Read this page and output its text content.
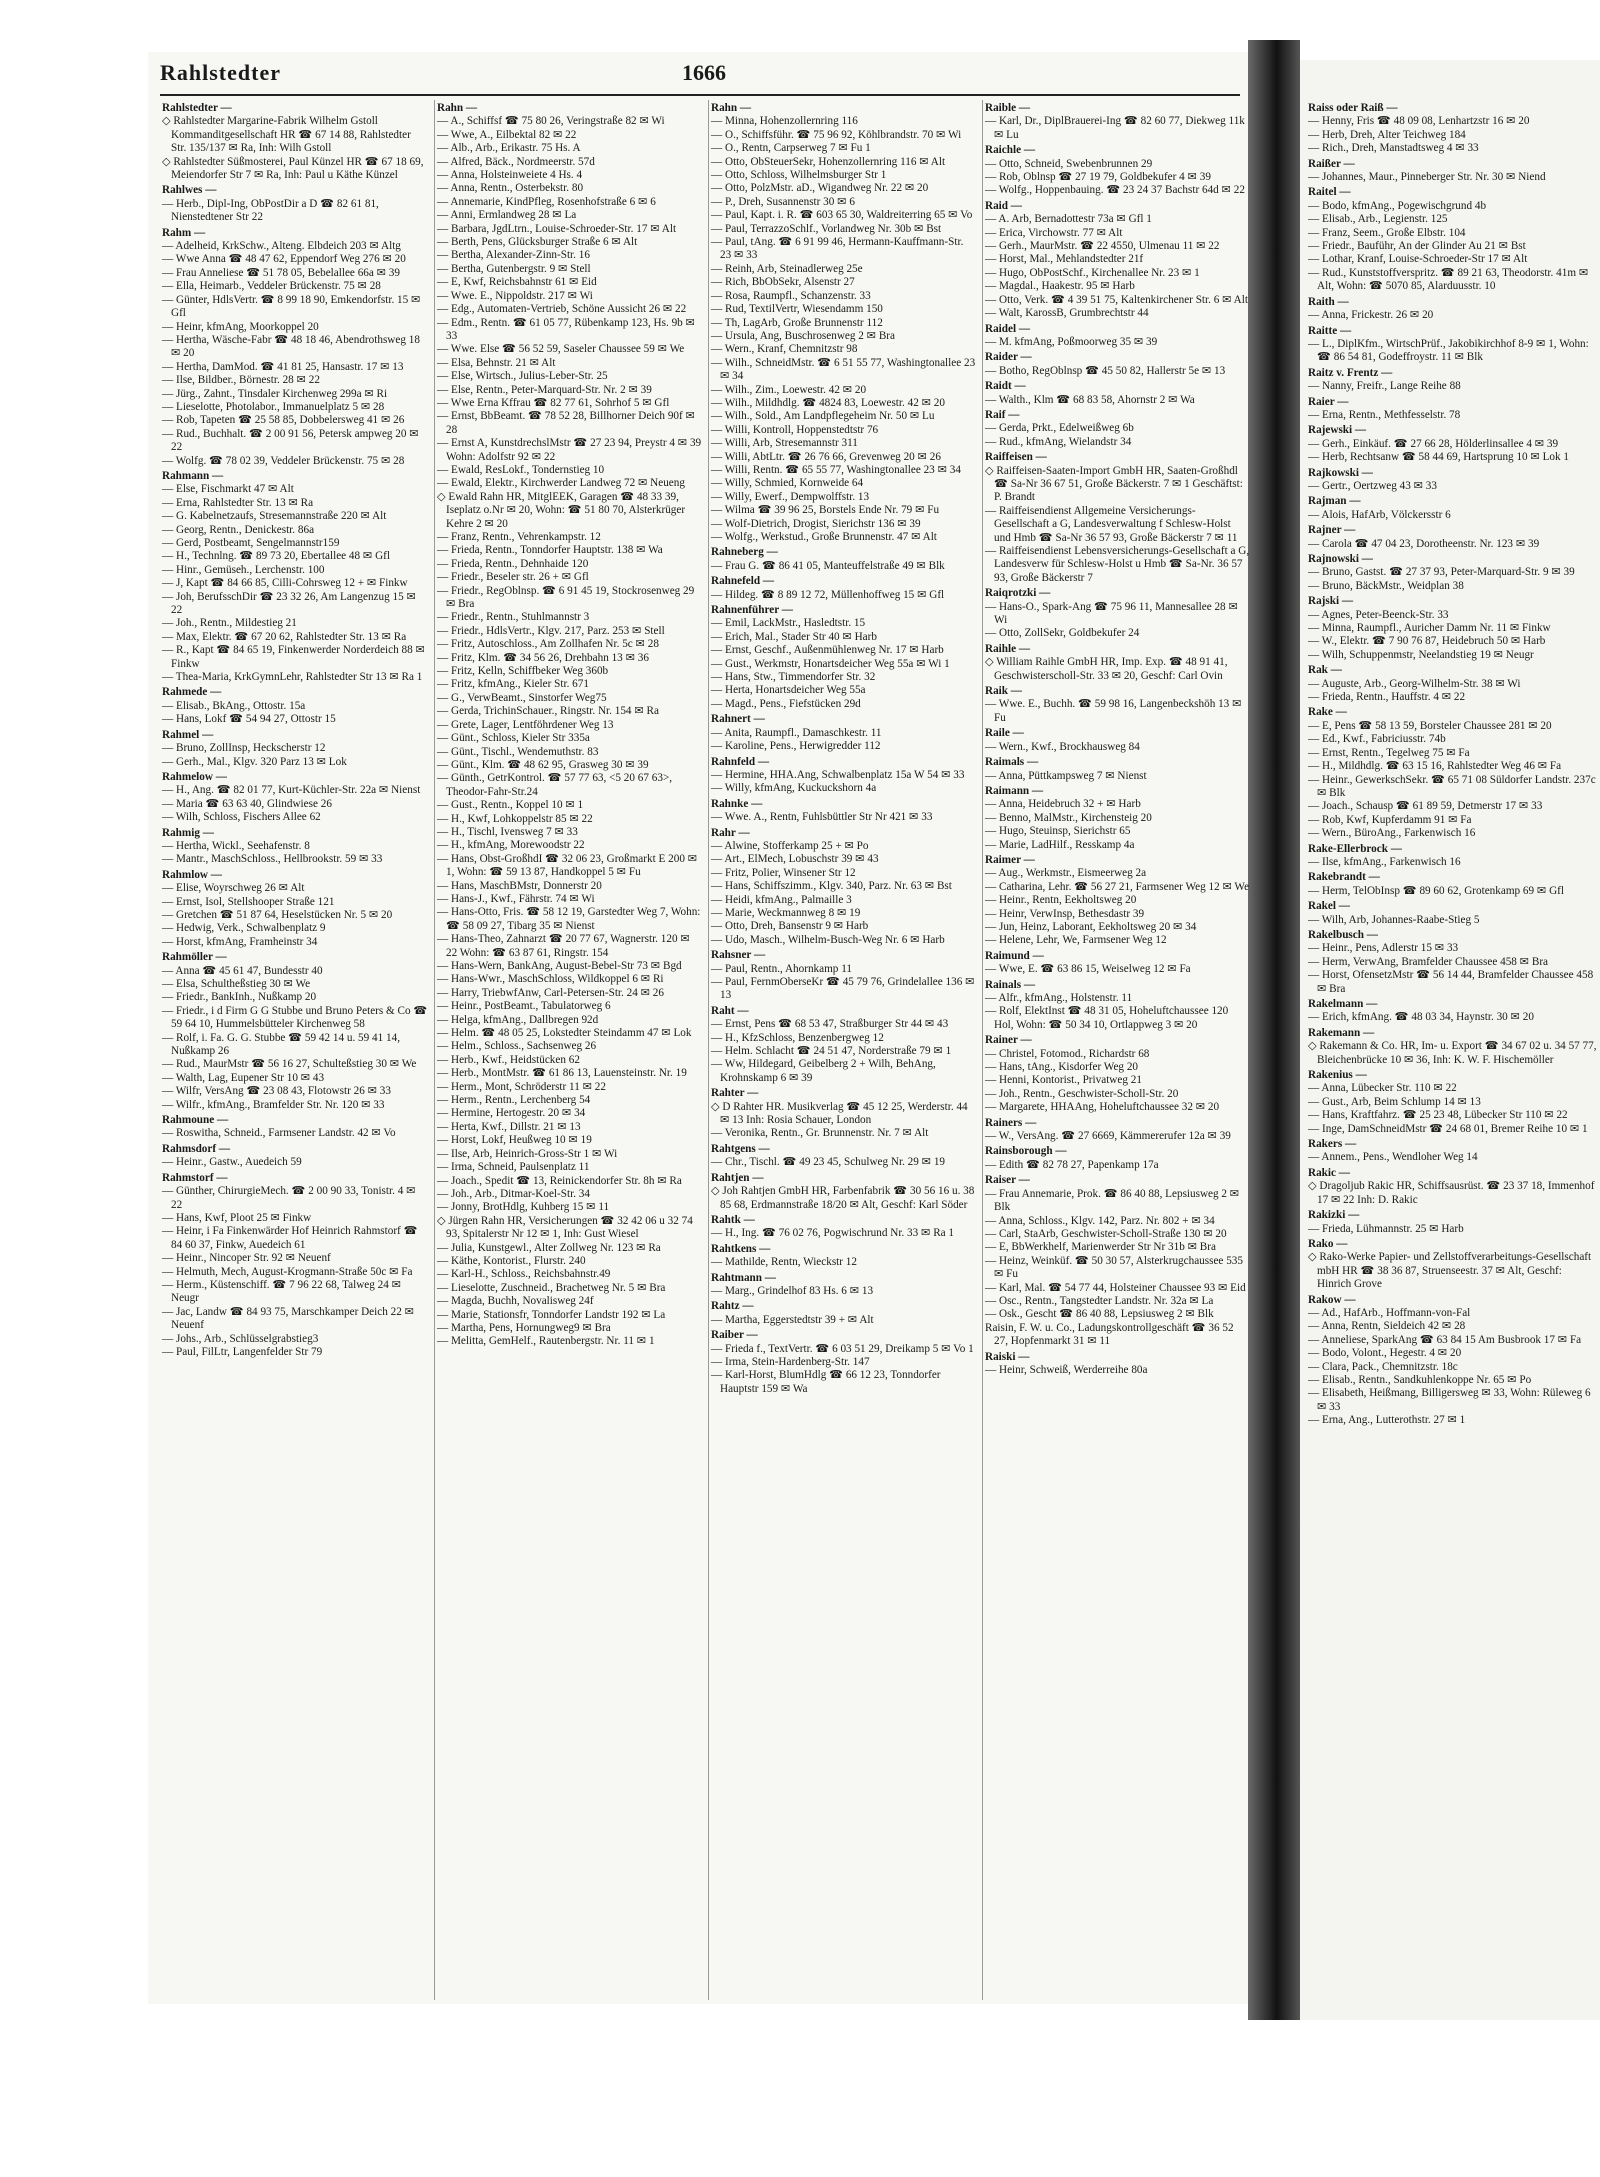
Rahlstedter	1666

Rahlstedter —

◇ Rahlstedter Margarine-Fabrik Wilhelm Gstoll Kommanditgesellschaft HR ☎ 67 14 88, Rahlstedter Str. 135/137 ✉ Ra, Inh: Wilh Gstoll

◇ Rahlstedter Süßmosterei, Paul Künzel HR ☎ 67 18 69, Meiendorfer Str 7 ✉ Ra, Inh: Paul u Käthe Künzel

Rahlwes —

— Herb., Dipl-Ing, ObPostDir a D ☎ 82 61 81, Nienstedtener Str 22

Rahm —

— Adelheid, KrkSchw., Alteng. Elbdeich 203 ✉ Altg

— Wwe Anna ☎ 48 47 62, Eppendorf Weg 276 ✉ 20

— Frau Anneliese ☎ 51 78 05, Bebelallee 66a ✉ 39

— Ella, Heimarb., Veddeler Brückenstr. 75 ✉ 28

— Günter, HdlsVertr. ☎ 8 99 18 90, Emkendorfstr. 15 ✉ Gfl

— Heinr, kfmAng, Moorkoppel 20

— Hertha, Wäsche-Fabr ☎ 48 18 46, Abendrothsweg 18 ✉ 20

— Hertha, DamMod. ☎ 41 81 25, Hansastr. 17 ✉ 13

— Ilse, Bildber., Börnestr. 28 ✉ 22

— Jürg., Zahnt., Tinsdaler Kirchenweg 299a ✉ Ri

— Lieselotte, Photolabor., Immanuelplatz 5 ✉ 28

— Rob, Tapeten ☎ 25 58 85, Dobbelersweg 41 ✉ 26

— Rud., Buchhalt. ☎ 2 00 91 56, Petersk ampweg 20 ✉ 22

— Wolfg. ☎ 78 02 39, Veddeler Brückenstr. 75 ✉ 28

Rahmann —

— Else, Fischmarkt 47 ✉ Alt

— Erna, Rahlstedter Str. 13 ✉ Ra

— G. Kabelnetzaufs, Stresemannstraße 220 ✉ Alt

— Georg, Rentn., Denickestr. 86a

— Gerd, Postbeamt, Sengelmannstr159

— H., Technlng. ☎ 89 73 20, Ebertallee 48 ✉ Gfl

— Hinr., Gemüseh., Lerchenstr. 100

— J, Kapt ☎ 84 66 85, Cilli-Cohrsweg 12 + ✉ Finkw

— Joh, BerufsschDir ☎ 23 32 26, Am Langenzug 15 ✉ 22

— Joh., Rentn., Mildestieg 21

— Max, Elektr. ☎ 67 20 62, Rahlstedter Str. 13 ✉ Ra

— R., Kapt ☎ 84 65 19, Finkenwerder Norderdeich 88 ✉ Finkw

— Thea-Maria, KrkGymnLehr, Rahlstedter Str 13 ✉ Ra 1

Rahmede —

— Elisab., BkAng., Ottostr. 15a

— Hans, Lokf ☎ 54 94 27, Ottostr 15

Rahmel —

— Bruno, ZollInsp, Heckscherstr 12

— Gerh., Mal., Klgv. 320 Parz 13 ✉ Lok

Rahmelow —

— H., Ang. ☎ 82 01 77, Kurt-Küchler-Str. 22a ✉ Nienst

— Maria ☎ 63 63 40, Glindwiese 26

— Wilh, Schloss, Fischers Allee 62

Rahmig —

— Hertha, Wickl., Seehafenstr. 8

— Mantr., MaschSchloss., Hellbrookstr. 59 ✉ 33

Rahmlow —

— Elise, Woyrschweg 26 ✉ Alt

— Ernst, Isol, Stellshooper Straße 121

— Gretchen ☎ 51 87 64, Heselstücken Nr. 5 ✉ 20

— Hedwig, Verk., Schwalbenplatz 9

— Horst, kfmAng, Framheinstr 34

Rahmöller —

— Anna ☎ 45 61 47, Bundesstr 40

— Elsa, Schultheßstieg 30 ✉ We

— Friedr., BankInh., Nußkamp 20

— Friedr., i d Firm G G Stubbe und Bruno Peters & Co ☎ 59 64 10, Hummelsbütteler Kirchenweg 58

— Rolf, i. Fa. G. G. Stubbe ☎ 59 42 14 u. 59 41 14, Nußkamp 26

— Rud., MaurMstr ☎ 56 16 27, Schulteßstieg 30 ✉ We

— Walth, Lag, Eupener Str 10 ✉ 43

— Wilfr, VersAng ☎ 23 08 43, Flotowstr 26 ✉ 33

— Wilfr., kfmAng., Bramfelder Str. Nr. 120 ✉ 33

Rahmoune —

— Roswitha, Schneid., Farmsener Landstr. 42 ✉ Vo

Rahmsdorf —

— Heinr., Gastw., Auedeich 59

Rahmstorf —

— Günther, ChirurgieMech. ☎ 2 00 90 33, Tonistr. 4 ✉ 22

— Hans, Kwf, Ploot 25 ✉ Finkw

— Heinr, i Fa Finkenwärder Hof Heinrich Rahmstorf ☎ 84 60 37, Finkw, Auedeich 61

— Heinr., Nincoper Str. 92 ✉ Neuenf

— Helmuth, Mech, August-Krogmann-Straße 50c ✉ Fa

— Herm., Küstenschiff. ☎ 7 96 22 68, Talweg 24 ✉ Neugr

— Jac, Landw ☎ 84 93 75, Marschkamper Deich 22 ✉ Neuenf

— Johs., Arb., Schlüsselgrabstieg3

— Paul, FilLtr, Langenfelder Str 79

Rahn —

— A., Schiffsf ☎ 75 80 26, Veringstraße 82 ✉ Wi

— Wwe, A., Eilbektal 82 ✉ 22

— Alb., Arb., Erikastr. 75 Hs. A

— Alfred, Bäck., Nordmeerstr. 57d

— Anna, Holsteinweiete 4 Hs. 4

— Anna, Rentn., Osterbekstr. 80

— Annemarie, KindPfleg, Rosenhofstraße 6 ✉ 6

— Anni, Ermlandweg 28 ✉ La

— Barbara, JgdLtrn., Louise-Schroeder-Str. 17 ✉ Alt

— Berth, Pens, Glücksburger Straße 6 ✉ Alt

— Bertha, Alexander-Zinn-Str. 16

— Bertha, Gutenbergstr. 9 ✉ Stell

— E, Kwf, Reichsbahnstr 61 ✉ Eid

— Wwe. E., Nippoldstr. 217 ✉ Wi

— Edg., Automaten-Vertrieb, Schöne Aussicht 26 ✉ 22

— Edm., Rentn. ☎ 61 05 77, Rübenkamp 123, Hs. 9b ✉ 33

— Wwe. Else ☎ 56 52 59, Saseler Chaussee 59 ✉ We

— Elsa, Behnstr. 21 ✉ Alt

— Else, Wirtsch., Julius-Leber-Str. 25

— Else, Rentn., Peter-Marquard-Str. Nr. 2 ✉ 39

— Wwe Erna Kffrau ☎ 82 77 61, Sohrhof 5 ✉ Gfl

— Ernst, BbBeamt. ☎ 78 52 28, Billhorner Deich 90f ✉ 28

— Ernst A, KunstdrechslMstr ☎ 27 23 94, Preystr 4 ✉ 39 Wohn: Adolfstr 92 ✉ 22

— Ewald, ResLokf., Tondernstieg 10

— Ewald, Elektr., Kirchwerder Landweg 72 ✉ Neueng

◇ Ewald Rahn HR, MitglEEK, Garagen ☎ 48 33 39, Iseplatz o.Nr ✉ 20, Wohn: ☎ 51 80 70, Alsterkrüger Kehre 2 ✉ 20

— Franz, Rentn., Vehrenkampstr. 12

— Frieda, Rentn., Tonndorfer Hauptstr. 138 ✉ Wa

— Frieda, Rentn., Dehnhaide 120

— Friedr., Beseler str. 26 + ✉ Gfl

— Friedr., RegOblnsp. ☎ 6 91 45 19, Stockrosenweg 29 ✉ Bra

— Friedr., Rentn., Stuhlmannstr 3

— Friedr., HdlsVertr., Klgv. 217, Parz. 253 ✉ Stell

— Fritz, Autoschloss., Am Zollhafen Nr. 5c ✉ 28

— Fritz, Klm. ☎ 34 56 26, Drehbahn 13 ✉ 36

— Fritz, Kelln, Schiffbeker Weg 360b

— Fritz, kfmAng., Kieler Str. 671

— G., VerwBeamt., Sinstorfer Weg75

— Gerda, TrichinSchauer., Ringstr. Nr. 154 ✉ Ra

— Grete, Lager, Lentföhrdener Weg 13

— Günt., Schloss, Kieler Str 335a

— Günt., Tischl., Wendemuthstr. 83

— Günt., Klm. ☎ 48 62 95, Grasweg 30 ✉ 39

— Günth., GetrKontrol. ☎ 57 77 63, <5 20 67 63>, Theodor-Fahr-Str.24

— Gust., Rentn., Koppel 10 ✉ 1

— H., Kwf, Lohkoppelstr 85 ✉ 22

— H., Tischl, Ivensweg 7 ✉ 33

— H., kfmAng, Morewoodstr 22

— Hans, Obst-GroßhdI ☎ 32 06 23, Großmarkt E 200 ✉ 1, Wohn: ☎ 59 13 87, Handkoppel 5 ✉ Fu

— Hans, MaschBMstr, Donnerstr 20

— Hans-J., Kwf., Fährstr. 74 ✉ Wi

— Hans-Otto, Fris. ☎ 58 12 19, Garstedter Weg 7, Wohn: ☎ 58 09 27, Tibarg 35 ✉ Nienst

— Hans-Theo, Zahnarzt ☎ 20 77 67, Wagnerstr. 120 ✉ 22 Wohn: ☎ 63 87 61, Ringstr. 154

— Hans-Wern, BankAng, August-Bebel-Str 73 ✉ Bgd

— Hans-Wwr., MaschSchloss, Wildkoppel 6 ✉ Ri

— Harry, TriebwfAnw, Carl-Petersen-Str. 24 ✉ 26

— Heinr., PostBeamt., Tabulatorweg 6

— Helga, kfmAng., Dallbregen 92d

— Helm. ☎ 48 05 25, Lokstedter Steindamm 47 ✉ Lok

— Helm., Schloss., Sachsenweg 26

— Herb., Kwf., Heidstücken 62

— Herb., MontMstr. ☎ 61 86 13, Lauensteinstr. Nr. 19

— Herm., Mont, Schröderstr 11 ✉ 22

— Herm., Rentn., Lerchenberg 54

— Hermine, Hertogestr. 20 ✉ 34

— Herta, Kwf., Dillstr. 21 ✉ 13

— Horst, Lokf, Heußweg 10 ✉ 19

— Ilse, Arb, Heinrich-Gross-Str 1 ✉ Wi

— Irma, Schneid, Paulsenplatz 11

— Joach., Spedit ☎ 13, Reinickendorfer Str. 8h ✉ Ra

— Joh., Arb., Ditmar-Koel-Str. 34

— Jonny, BrotHdlg, Kuhberg 15 ✉ 11

◇ Jürgen Rahn HR, Versicherungen ☎ 32 42 06 u 32 74 93, Spitalerstr Nr 12 ✉ 1, Inh: Gust Wiesel

— Julia, Kunstgewl., Alter Zollweg Nr. 123 ✉ Ra

— Käthe, Kontorist., Flurstr. 240

— Karl-H., Schloss., Reichsbahnstr.49

— Lieselotte, Zuschneid., Brachetweg Nr. 5 ✉ Bra

— Magda, Buchh, Novalisweg 24f

— Marie, Stationsfr, Tonndorfer Landstr 192 ✉ La

— Martha, Pens, Hornungweg9 ✉ Bra

— Melitta, GemHelf., Rautenbergstr. Nr. 11 ✉ 1

Rahn —

— Minna, Hohenzollernring 116

— O., Schiffsführ. ☎ 75 96 92, Köhlbrandstr. 70 ✉ Wi

— O., Rentn, Carpserweg 7 ✉ Fu 1

— Otto, ObSteuerSekr, Hohenzollernring 116 ✉ Alt

— Otto, Schloss, Wilhelmsburger Str 1

— Otto, PolzMstr. aD., Wigandweg Nr. 22 ✉ 20

— P., Dreh, Susannenstr 30 ✉ 6

— Paul, Kapt. i. R. ☎ 603 65 30, Waldreiterring 65 ✉ Vo

— Paul, TerrazzoSchlf., Vorlandweg Nr. 30b ✉ Bst

— Paul, tAng. ☎ 6 91 99 46, Hermann-Kauffmann-Str. 23 ✉ 33

— Reinh, Arb, Steinadlerweg 25e

— Rich, BbObSekr, Alsenstr 27

— Rosa, Raumpfl., Schanzenstr. 33

— Rud, TextilVertr, Wiesendamm 150

— Th, LagArb, Große Brunnenstr 112

— Ursula, Ang, Buschrosenweg 2 ✉ Bra

— Wern., Kranf, Chemnitzstr 98

— Wilh., SchneidMstr. ☎ 6 51 55 77, Washingtonallee 23 ✉ 34

— Wilh., Zim., Loewestr. 42 ✉ 20

— Wilh., Mildhdlg. ☎ 4824 83, Loewestr. 42 ✉ 20

— Wilh., Sold., Am Landpflegeheim Nr. 50 ✉ Lu

— Willi, Kontroll, Hoppenstedtstr 76

— Willi, Arb, Stresemannstr 311

— Willi, AbtLtr. ☎ 26 76 66, Grevenweg 20 ✉ 26

— Willi, Rentn. ☎ 65 55 77, Washingtonallee 23 ✉ 34

— Willy, Schmied, Kornweide 64

— Willy, Ewerf., Dempwolffstr. 13

— Wilma ☎ 39 96 25, Borstels Ende Nr. 79 ✉ Fu

— Wolf-Dietrich, Drogist, Sierichstr 136 ✉ 39

— Wolfg., Werkstud., Große Brunnenstr. 47 ✉ Alt

Rahneberg —

— Frau G. ☎ 86 41 05, Manteuffelstraße 49 ✉ Blk

Rahnefeld —

— Hildeg. ☎ 8 89 12 72, Müllenhoffweg 15 ✉ Gfl

Rahnenführer —

— Emil, LackMstr., Hasledtstr. 15

— Erich, Mal., Stader Str 40 ✉ Harb

— Ernst, Geschf., Außenmühlenweg Nr. 17 ✉ Harb

— Gust., Werkmstr, Honartsdeicher Weg 55a ✉ Wi 1

— Hans, Stw., Timmendorfer Str. 32

— Herta, Honartsdeicher Weg 55a

— Magd., Pens., Fiefstücken 29d

Rahnert —

— Anita, Raumpfl., Damaschkestr. 11

— Karoline, Pens., Herwigredder 112

Rahnfeld —

— Hermine, HHA.Ang, Schwalbenplatz 15a W 54 ✉ 33

— Willy, kfmAng, Kuckuckshorn 4a

Rahnke —

— Wwe. A., Rentn, Fuhlsbüttler Str Nr 421 ✉ 33

Rahr —

— Alwine, Stofferkamp 25 + ✉ Po

— Art., ElMech, Lobuschstr 39 ✉ 43

— Fritz, Polier, Winsener Str 12

— Hans, Schiffszimm., Klgv. 340, Parz. Nr. 63 ✉ Bst

— Heidi, kfmAng., Palmaille 3

— Marie, Weckmannweg 8 ✉ 19

— Otto, Dreh, Bansenstr 9 ✉ Harb

— Udo, Masch., Wilhelm-Busch-Weg Nr. 6 ✉ Harb

Rahsner —

— Paul, Rentn., Ahornkamp 11

— Paul, FernmOberseKr ☎ 45 79 76, Grindelallee 136 ✉ 13

Raht —

— Ernst, Pens ☎ 68 53 47, Straßburger Str 44 ✉ 43

— H., KfzSchloss, Benzenbergweg 12

— Helm. Schlacht ☎ 24 51 47, Norderstraße 79 ✉ 1

— Ww, Hildegard, Geibelberg 2 + Wilh, BehAng, Krohnskamp 6 ✉ 39

Rahter —

◇ D Rahter HR. Musikverlag ☎ 45 12 25, Werderstr. 44 ✉ 13 Inh: Rosia Schauer, London

— Veronika, Rentn., Gr. Brunnenstr. Nr. 7 ✉ Alt

Rahtgens —

— Chr., Tischl. ☎ 49 23 45, Schulweg Nr. 29 ✉ 19

Rahtjen —

◇ Joh Rahtjen GmbH HR, Farbenfabrik ☎ 30 56 16 u. 38 85 68, Erdmannstraße 18/20 ✉ Alt, Geschf: Karl Söder

Rahtk —

— H., Ing. ☎ 76 02 76, Pogwischrund Nr. 33 ✉ Ra 1

Rahtkens —

— Mathilde, Rentn, Wieckstr 12

Rahtmann —

— Marg., Grindelhof 83 Hs. 6 ✉ 13

Rahtz —

— Martha, Eggerstedtstr 39 + ✉ Alt

Raiber —

— Frieda f., TextVertr. ☎ 6 03 51 29, Dreikamp 5 ✉ Vo 1

— Irma, Stein-Hardenberg-Str. 147

— Karl-Horst, BlumHdlg ☎ 66 12 23, Tonndorfer Hauptstr 159 ✉ Wa

Raible —

— Karl, Dr., DiplBrauerei-Ing ☎ 82 60 77, Diekweg 11k ✉ Lu

Raichle —

— Otto, Schneid, Swebenbrunnen 29

— Rob, Oblnsp ☎ 27 19 79, Goldbekufer 4 ✉ 39

— Wolfg., Hoppenbauing. ☎ 23 24 37 Bachstr 64d ✉ 22

Raid —

— A. Arb, Bernadottestr 73a ✉ Gfl 1

— Erica, Virchowstr. 77 ✉ Alt

— Gerh., MaurMstr. ☎ 22 4550, Ulmenau 11 ✉ 22

— Horst, Mal., Mehlandstedter 21f

— Hugo, ObPostSchf., Kirchenallee Nr. 23 ✉ 1

— Magdal., Haakestr. 95 ✉ Harb

— Otto, Verk. ☎ 4 39 51 75, Kaltenkirchener Str. 6 ✉ Alt

— Walt, KarossB, Grumbrechtstr 44

Raidel —

— M. kfmAng, Poßmoorweg 35 ✉ 39

Raider —

— Botho, RegOblnsp ☎ 45 50 82, Hallerstr 5e ✉ 13

Raidt —

— Walth., Klm ☎ 68 83 58, Ahornstr 2 ✉ Wa

Raif —

— Gerda, Prkt., Edelweißweg 6b

— Rud., kfmAng, Wielandstr 34

Raiffeisen —

◇ Raiffeisen-Saaten-Import GmbH HR, Saaten-Großhdl ☎ Sa-Nr 36 67 51, Große Bäckerstr. 7 ✉ 1 Geschäftst: P. Brandt

— Raiffeisendienst Allgemeine Versicherungs-Gesellschaft a G, Landesverwaltung f Schlesw-Holst und Hmb ☎ Sa-Nr 36 57 93, Große Bäckerstr 7 ✉ 11

— Raiffeisendienst Lebensversicherungs-Gesellschaft a G, Landesverw für Schlesw-Holst u Hmb ☎ Sa-Nr. 36 57 93, Große Bäckerstr 7

Raiqrotzki —

— Hans-O., Spark-Ang ☎ 75 96 11, Mannesallee 28 ✉ Wi

— Otto, ZollSekr, Goldbekufer 24

Raihle —

◇ William Raihle GmbH HR, Imp. Exp. ☎ 48 91 41, Geschwisterscholl-Str. 33 ✉ 20, Geschf: Carl Ovin

Raik —

— Wwe. E., Buchh. ☎ 59 98 16, Langenbeckshöh 13 ✉ Fu

Raile —

— Wern., Kwf., Brockhausweg 84

Raimals —

— Anna, Püttkampsweg 7 ✉ Nienst

Raimann —

— Anna, Heidebruch 32 + ✉ Harb

— Benno, MalMstr., Kirchensteig 20

— Hugo, Steuinsp, Sierichstr 65

— Marie, LadHilf., Resskamp 4a

Raimer —

— Aug., Werkmstr., Eismeerweg 2a

— Catharina, Lehr. ☎ 56 27 21, Farmsener Weg 12 ✉ We

— Heinr., Rentn, Eekholtsweg 20

— Heinr, VerwInsp, Bethesdastr 39

— Jun, Heinz, Laborant, Eekholtsweg 20 ✉ 34

— Helene, Lehr, We, Farmsener Weg 12

Raimund —

— Wwe, E. ☎ 63 86 15, Weiselweg 12 ✉ Fa

Rainals —

— Alfr., kfmAng., Holstenstr. 11

— Rolf, ElektInst ☎ 48 31 05, Hoheluftchaussee 120 Hol, Wohn: ☎ 50 34 10, Ortlappweg 3 ✉ 20

Rainer —

— Christel, Fotomod., Richardstr 68

— Hans, tAng., Kisdorfer Weg 20

— Henni, Kontorist., Privatweg 21

— Joh., Rentn., Geschwister-Scholl-Str. 20

— Margarete, HHAAng, Hoheluftchaussee 32 ✉ 20

Rainers —

— W., VersAng. ☎ 27 6669, Kämmererufer 12a ✉ 39

Rainsborough —

— Edith ☎ 82 78 27, Papenkamp 17a

Raiser —

— Frau Annemarie, Prok. ☎ 86 40 88, Lepsiusweg 2 ✉ Blk

— Anna, Schloss., Klgv. 142, Parz. Nr. 802 + ✉ 34

— Carl, StaArb, Geschwister-Scholl-Straße 130 ✉ 20

— E, BbWerkhelf, Marienwerder Str Nr 31b ✉ Bra

— Heinz, Weinküf. ☎ 50 30 57, Alsterkrugchaussee 535 ✉ Fu

— Karl, Mal. ☎ 54 77 44, Holsteiner Chaussee 93 ✉ Eid

— Osc., Rentn., Tangstedter Landstr. Nr. 32a ✉ La

— Osk., Gescht ☎ 86 40 88, Lepsiusweg 2 ✉ Blk

Raisin, F. W. u. Co., Ladungskontrollgeschäft ☎ 36 52 27, Hopfenmarkt 31 ✉ 11

Raiski —

— Heinr, Schweiß, Werderreihe 80a

Raiss oder Raiß —

— Henny, Fris ☎ 48 09 08, Lenhartzstr 16 ✉ 20

— Herb, Dreh, Alter Teichweg 184

— Rich., Dreh, Manstadtsweg 4 ✉ 33

Raißer —

— Johannes, Maur., Pinneberger Str. Nr. 30 ✉ Niend

Raitel —

— Bodo, kfmAng., Pogewischgrund 4b

— Elisab., Arb., Legienstr. 125

— Franz, Seem., Große Elbstr. 104

— Friedr., Bauführ, An der Glinder Au 21 ✉ Bst

— Lothar, Kranf, Louise-Schroeder-Str 17 ✉ Alt

— Rud., Kunststoffverspritz. ☎ 89 21 63, Theodorstr. 41m ✉ Alt, Wohn: ☎ 5070 85, Alarduusstr. 10

Raith —

— Anna, Frickestr. 26 ✉ 20

Raitte —

— L., DiplKfm., WirtschPrüf., Jakobikirchhof 8-9 ✉ 1, Wohn: ☎ 86 54 81, Godeffroystr. 11 ✉ Blk

Raitz v. Frentz —

— Nanny, Freifr., Lange Reihe 88

Raier —

— Erna, Rentn., Methfesselstr. 78

Rajewski —

— Gerh., Einkäuf. ☎ 27 66 28, Hölderlinsallee 4 ✉ 39

— Herb, Rechtsanw ☎ 58 44 69, Hartsprung 10 ✉ Lok 1

Rajkowski —

— Gertr., Oertzweg 43 ✉ 33

Rajman —

— Alois, HafArb, Völckersstr 6

Rajner —

— Carola ☎ 47 04 23, Dorotheenstr. Nr. 123 ✉ 39

Rajnowski —

— Bruno, Gastst. ☎ 27 37 93, Peter-Marquard-Str. 9 ✉ 39

— Bruno, BäckMstr., Weidplan 38

Rajski —

— Agnes, Peter-Beenck-Str. 33

— Minna, Raumpfl., Auricher Damm Nr. 11 ✉ Finkw

— W., Elektr. ☎ 7 90 76 87, Heidebruch 50 ✉ Harb

— Wilh, Schuppenmstr, Neelandstieg 19 ✉ Neugr

Rak —

— Auguste, Arb., Georg-Wilhelm-Str. 38 ✉ Wi

— Frieda, Rentn., Hauffstr. 4 ✉ 22

Rake —

— E, Pens ☎ 58 13 59, Borsteler Chaussee 281 ✉ 20

— Ed., Kwf., Fabriciusstr. 74b

— Ernst, Rentn., Tegelweg 75 ✉ Fa

— H., Mildhdlg. ☎ 63 15 16, Rahlstedter Weg 46 ✉ Fa

— Heinr., GewerkschSekr. ☎ 65 71 08 Süldorfer Landstr. 237c ✉ Blk

— Joach., Schausp ☎ 61 89 59, Detmerstr 17 ✉ 33

— Rob, Kwf, Kupferdamm 91 ✉ Fa

— Wern., BüroAng., Farkenwisch 16

Rake-Ellerbrock —

— Ilse, kfmAng., Farkenwisch 16

Rakebrandt —

— Herm, TelObInsp ☎ 89 60 62, Grotenkamp 69 ✉ Gfl

Rakel —

— Wilh, Arb, Johannes-Raabe-Stieg 5

Rakelbusch —

— Heinr., Pens, Adlerstr 15 ✉ 33

— Herm, VerwAng, Bramfelder Chaussee 458 ✉ Bra

— Horst, OfensetzMstr ☎ 56 14 44, Bramfelder Chaussee 458 ✉ Bra

Rakelmann —

— Erich, kfmAng. ☎ 48 03 34, Haynstr. 30 ✉ 20

Rakemann —

◇ Rakemann & Co. HR, Im- u. Export ☎ 34 67 02 u. 34 57 77, Bleichenbrücke 10 ✉ 36, Inh: K. W. F. Hischemöller

Rakenius —

— Anna, Lübecker Str. 110 ✉ 22

— Gust., Arb, Beim Schlump 14 ✉ 13

— Hans, Kraftfahrz. ☎ 25 23 48, Lübecker Str 110 ✉ 22

— Inge, DamSchneidMstr ☎ 24 68 01, Bremer Reihe 10 ✉ 1

Rakers —

— Annem., Pens., Wendloher Weg 14

Rakic —

◇ Dragoljub Rakic HR, Schiffsausrüst. ☎ 23 37 18, Immenhof 17 ✉ 22 Inh: D. Rakic

Rakizki —

— Frieda, Lühmannstr. 25 ✉ Harb

Rako —

◇ Rako-Werke Papier- und Zellstoffverarbeitungs-Gesellschaft mbH HR ☎ 38 36 87, Struenseestr. 37 ✉ Alt, Geschf: Hinrich Grove

Rakow —

— Ad., HafArb., Hoffmann-von-Fal

— Anna, Rentn, Sieldeich 42 ✉ 28

— Anneliese, SparkAng ☎ 63 84 15 Am Busbrook 17 ✉ Fa

— Bodo, Volont., Hegestr. 4 ✉ 20

— Clara, Pack., Chemnitzstr. 18c

— Elisab., Rentn., Sandkuhlenkoppe Nr. 65 ✉ Po

— Elisabeth, Heißmang, Billigersweg ✉ 33, Wohn: Rüleweg 6 ✉ 33

— Erna, Ang., Lutterothstr. 27 ✉ 1
